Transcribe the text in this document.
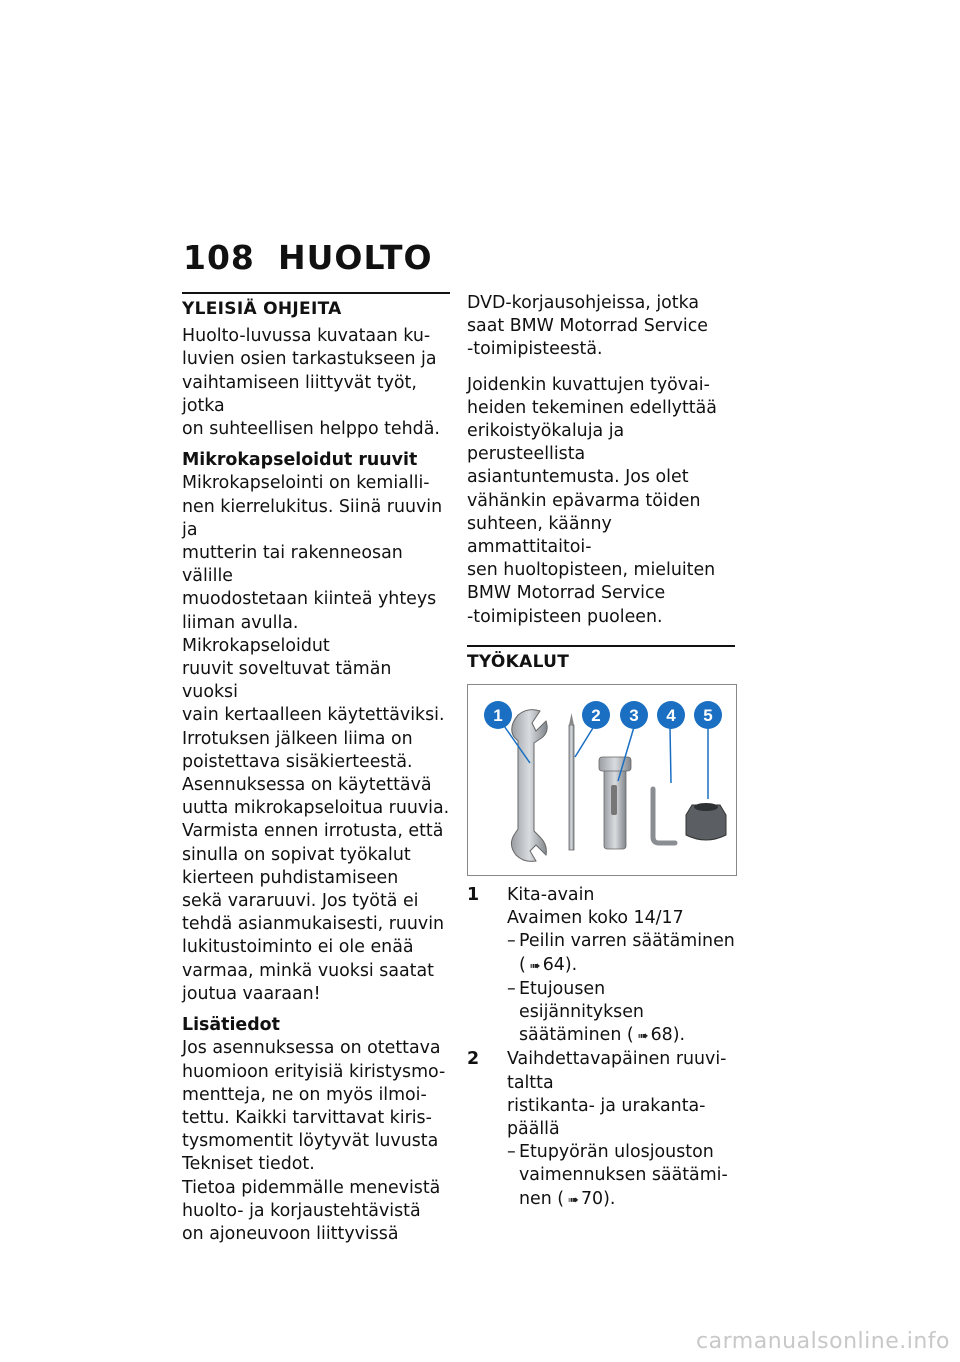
108 HUOLTO
YLEISIÄ OHJEITA

Huolto-luvussa kuvataan ku-

luvien osien tarkastukseen ja

vaihtamiseen liittyvät työt, jotka

on suhteellisen helppo tehdä.

Mikrokapseloidut ruuvit

Mikrokapselointi on kemialli-

nen kierrelukitus. Siinä ruuvin ja

mutterin tai rakenneosan välille

muodostetaan kiinteä yhteys

liiman avulla. Mikrokapseloidut

ruuvit soveltuvat tämän vuoksi

vain kertaalleen käytettäviksi.

Irrotuksen jälkeen liima on

poistettava sisäkierteestä.

Asennuksessa on käytettävä

uutta mikrokapseloitua ruuvia.

Varmista ennen irrotusta, että

sinulla on sopivat työkalut

kierteen puhdistamiseen

sekä vararuuvi. Jos työtä ei

tehdä asianmukaisesti, ruuvin

lukitustoiminto ei ole enää

varmaa, minkä vuoksi saatat

joutua vaaraan!

Lisätiedot

Jos asennuksessa on otettava

huomioon erityisiä kiristysmo-

mentteja, ne on myös ilmoi-

tettu. Kaikki tarvittavat kiris-

tysmomentit löytyvät luvusta

Tekniset tiedot.

Tietoa pidemmälle menevistä

huolto- ja korjaustehtävistä

on ajoneuvoon liittyvissä

DVD-korjausohjeissa, jotka

saat BMW Motorrad Service

-toimipisteestä.

Joidenkin kuvattujen työvai-

heiden tekeminen edellyttää

erikoistyökaluja ja perusteellista

asiantuntemusta. Jos olet

vähänkin epävarma töiden

suhteen, käänny ammattitaitoi-

sen huoltopisteen, mieluiten

BMW Motorrad Service

-toimipisteen puoleen.

TYÖKALUT
1	2 3 4 5
1	Kita-avain

Avaimen koko 14/17

– Peilin varren säätäminen

( ➠ 64).

– Etujousen esijännityksen

säätäminen ( ➠ 68).

2	Vaihdettavapäinen ruuvi-

taltta

ristikanta- ja urakanta-

päällä

– Etupyörän ulosjouston

vaimennuksen säätämi-

nen ( ➠ 70).

carmanualsonline.info
